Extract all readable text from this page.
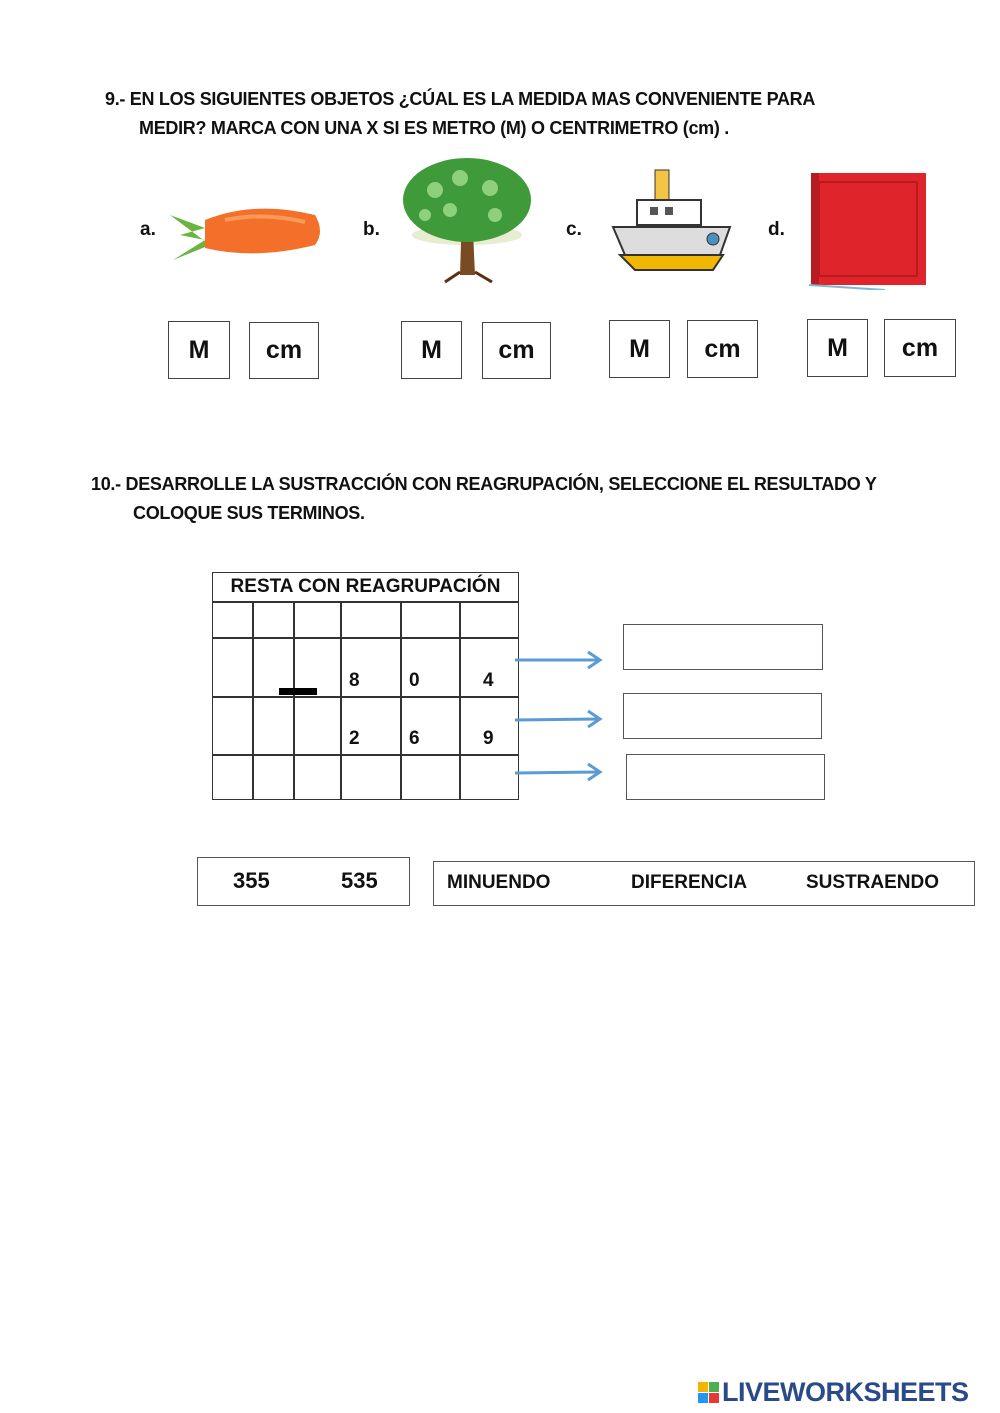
9.- EN LOS SIGUIENTES OBJETOS ¿CÚAL ES LA MEDIDA MAS CONVENIENTE PARA
MEDIR? MARCA CON UNA X SI ES METRO (M) O CENTRIMETRO (cm) .
a.	b.	c.	d.
M	cm	M	cm	M	cm	M	cm
10.- DESARROLLE LA SUSTRACCIÓN CON REAGRUPACIÓN, SELECCIONE EL RESULTADO Y
COLOQUE SUS TERMINOS.
RESTA CON REAGRUPACIÓN
8	0	4
2	6	9
355	535	MINUENDO	DIFERENCIA	SUSTRAENDO
LIVEWORKSHEETS
